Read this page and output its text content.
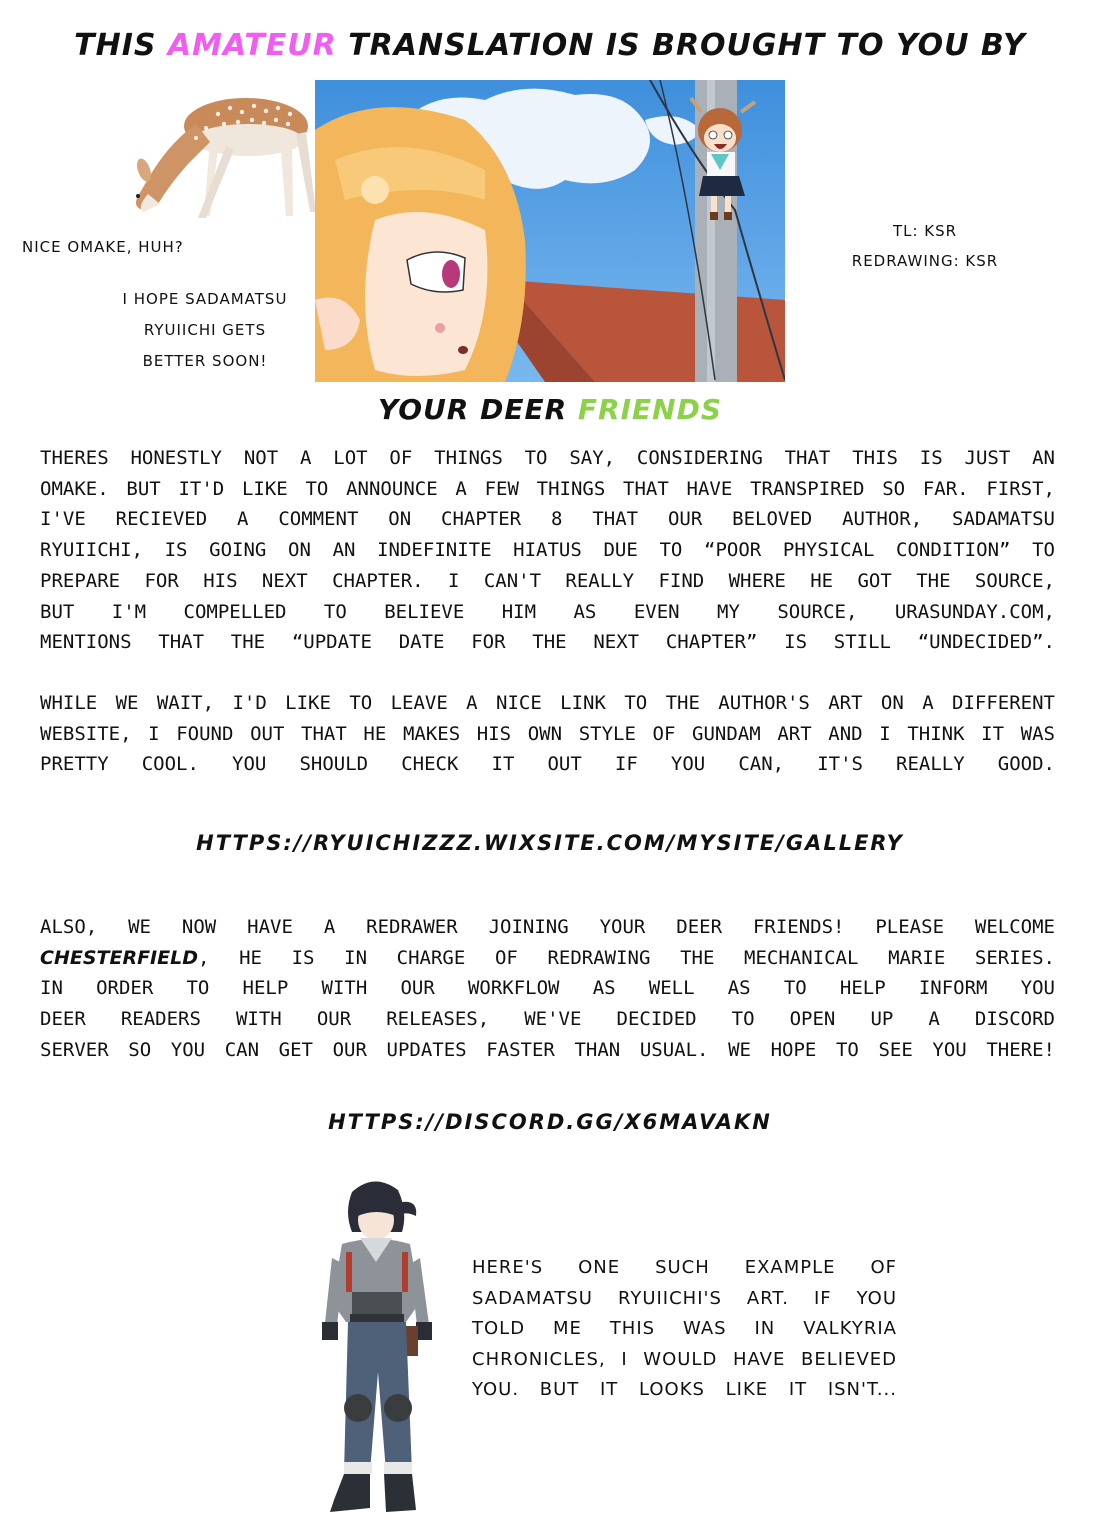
THIS AMATEUR TRANSLATION IS BROUGHT TO YOU BY
NICE OMAKE, HUH?
I HOPE SADAMATSU
RYUIICHI GETS
BETTER SOON!
TL: KSR
REDRAWING: KSR
YOUR DEER FRIENDS
THERES HONESTLY NOT A LOT OF THINGS TO SAY, CONSIDERING THAT THIS IS JUST AN
OMAKE. BUT IT'D LIKE TO ANNOUNCE A FEW THINGS THAT HAVE TRANSPIRED SO FAR. FIRST,
I'VE RECIEVED A COMMENT ON CHAPTER 8 THAT OUR BELOVED AUTHOR, SADAMATSU
RYUIICHI, IS GOING ON AN INDEFINITE HIATUS DUE TO “POOR PHYSICAL CONDITION” TO
PREPARE FOR HIS NEXT CHAPTER. I CAN'T REALLY FIND WHERE HE GOT THE SOURCE,
BUT I'M COMPELLED TO BELIEVE HIM AS EVEN MY SOURCE, URASUNDAY.COM,
MENTIONS THAT THE “UPDATE DATE FOR THE NEXT CHAPTER” IS STILL “UNDECIDED”.
WHILE WE WAIT, I'D LIKE TO LEAVE A NICE LINK TO THE AUTHOR'S ART ON A DIFFERENT
WEBSITE, I FOUND OUT THAT HE MAKES HIS OWN STYLE OF GUNDAM ART AND I THINK IT WAS
PRETTY COOL. YOU SHOULD CHECK IT OUT IF YOU CAN, IT'S REALLY GOOD.
HTTPS://RYUICHIZZZ.WIXSITE.COM/MYSITE/GALLERY
ALSO, WE NOW HAVE A REDRAWER JOINING YOUR DEER FRIENDS! PLEASE WELCOME
CHESTERFIELD, HE IS IN CHARGE OF REDRAWING THE MECHANICAL MARIE SERIES.
IN ORDER TO HELP WITH OUR WORKFLOW AS WELL AS TO HELP INFORM YOU
DEER READERS WITH OUR RELEASES, WE'VE DECIDED TO OPEN UP A DISCORD
SERVER SO YOU CAN GET OUR UPDATES FASTER THAN USUAL. WE HOPE TO SEE YOU THERE!
HTTPS://DISCORD.GG/X6MAVAKN
HERE'S ONE SUCH EXAMPLE OF
SADAMATSU RYUIICHI'S ART. IF YOU
TOLD ME THIS WAS IN VALKYRIA
CHRONICLES, I WOULD HAVE BELIEVED
YOU. BUT IT LOOKS LIKE IT ISN'T...
